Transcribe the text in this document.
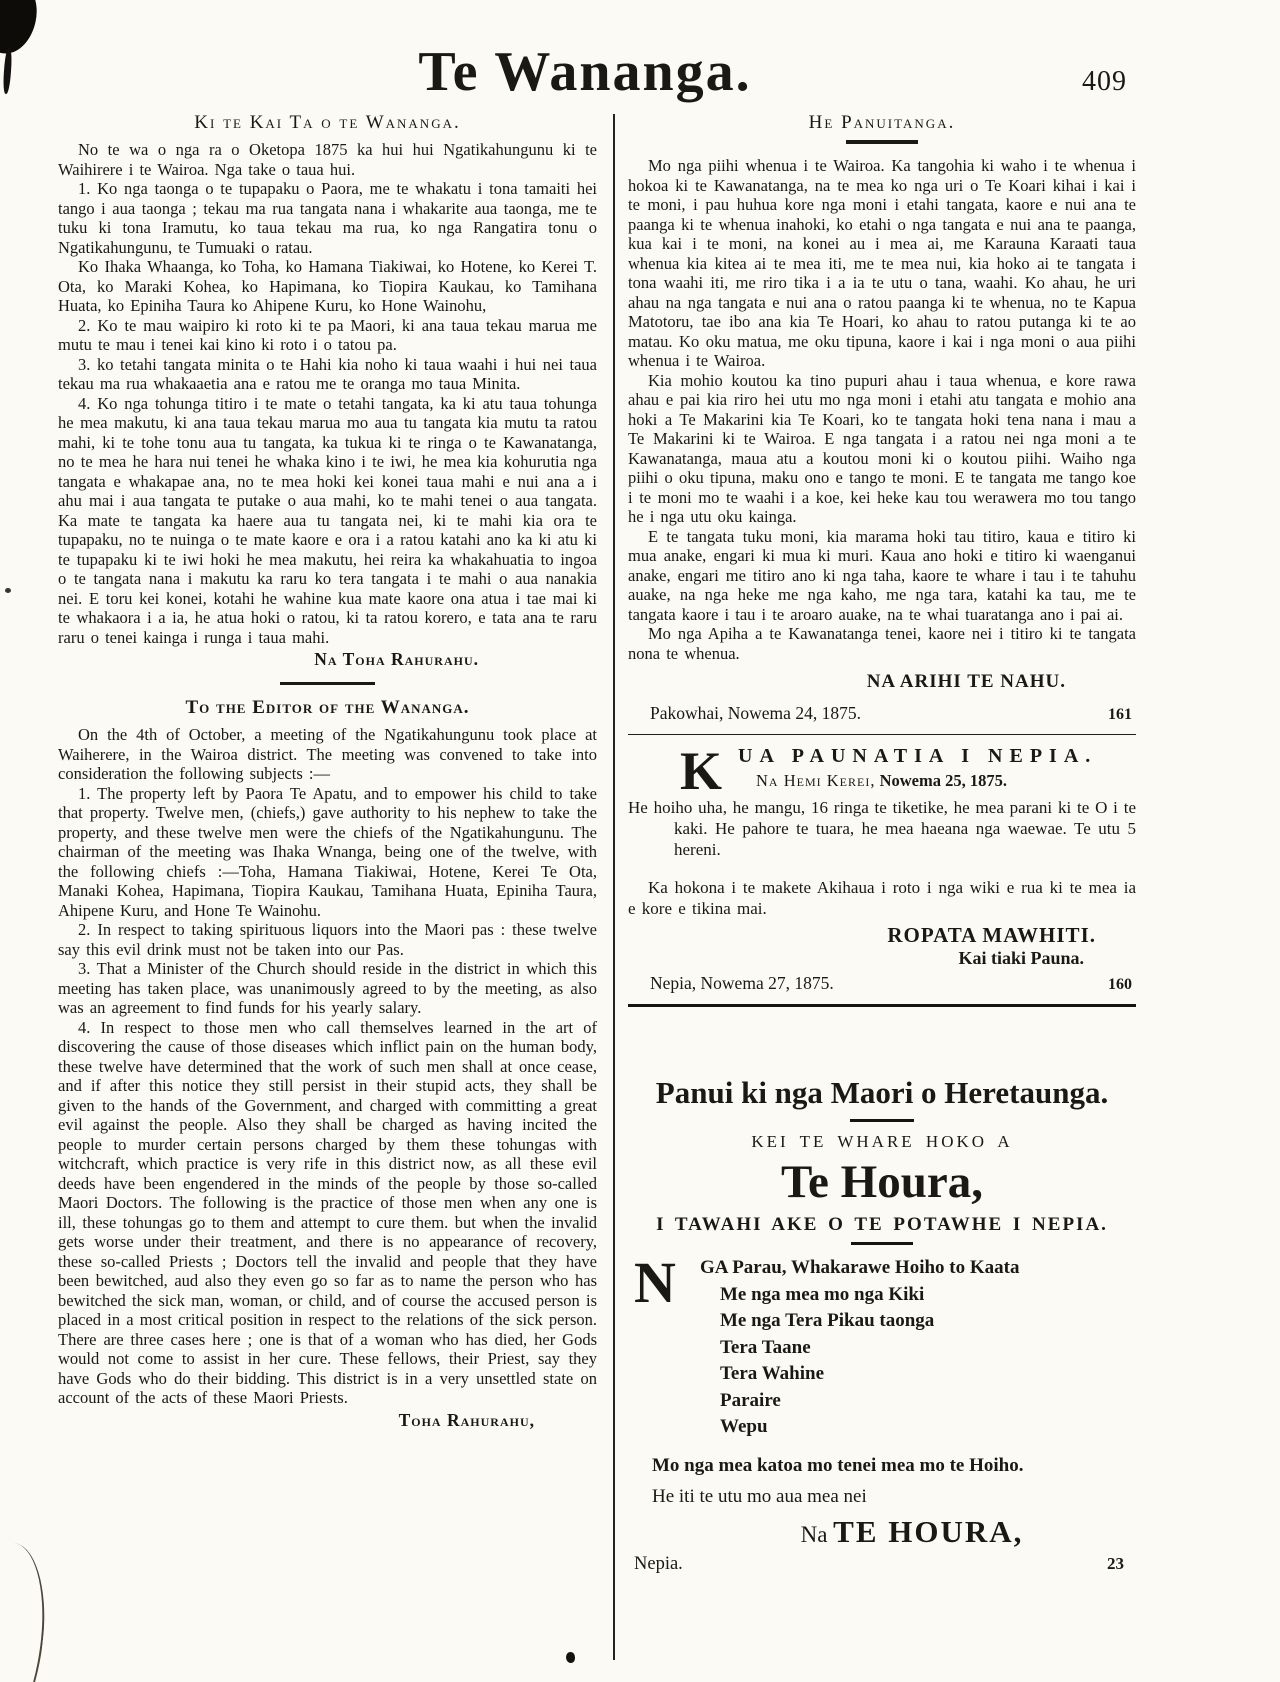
Te Wananga.	409
Ki te Kai Ta o te Wananga.

No te wa o nga ra o Oketopa 1875 ka hui hui Ngatikahungunu ki te Waihirere i te Wairoa. Nga take o taua hui.

1. Ko nga taonga o te tupapaku o Paora, me te whakatu i tona tamaiti hei tango i aua taonga ; tekau ma rua tangata nana i whakarite aua taonga, me te tuku ki tona Iramutu, ko taua tekau ma rua, ko nga Rangatira tonu o Ngatikahungunu, te Tumuaki o ratau.

Ko Ihaka Whaanga, ko Toha, ko Hamana Tiakiwai, ko Hotene, ko Kerei T. Ota, ko Maraki Kohea, ko Hapimana, ko Tiopira Kaukau, ko Tamihana Huata, ko Epiniha Taura ko Ahipene Kuru, ko Hone Wainohu,

2. Ko te mau waipiro ki roto ki te pa Maori, ki ana taua tekau marua me mutu te mau i tenei kai kino ki roto i o tatou pa.

3. ko tetahi tangata minita o te Hahi kia noho ki taua waahi i hui nei taua tekau ma rua whakaaetia ana e ratou me te oranga mo taua Minita.

4. Ko nga tohunga titiro i te mate o tetahi tangata, ka ki atu taua tohunga he mea makutu, ki ana taua tekau marua mo aua tu tangata kia mutu ta ratou mahi, ki te tohe tonu aua tu tangata, ka tukua ki te ringa o te Kawanatanga, no te mea he hara nui tenei he whaka kino i te iwi, he mea kia kohurutia nga tangata e whakapae ana, no te mea hoki kei konei taua mahi e nui ana a i ahu mai i aua tangata te putake o aua mahi, ko te mahi tenei o aua tangata. Ka mate te tangata ka haere aua tu tangata nei, ki te mahi kia ora te tupapaku, no te nuinga o te mate kaore e ora i a ratou katahi ano ka ki atu ki te tupapaku ki te iwi hoki he mea makutu, hei reira ka whakahuatia to ingoa o te tangata nana i makutu ka raru ko tera tangata i te mahi o aua nanakia nei. E toru kei konei, kotahi he wahine kua mate kaore ona atua i tae mai ki te whakaora i a ia, he atua hoki o ratou, ki ta ratou korero, e tata ana te raru raru o tenei kainga i runga i taua mahi.

Na Toha Rahurahu.
To the Editor of the Wananga.

On the 4th of October, a meeting of the Ngatikahungunu took place at Waiherere, in the Wairoa district. The meeting was convened to take into consideration the following subjects :—

1. The property left by Paora Te Apatu, and to empower his child to take that property. Twelve men, (chiefs,) gave authority to his nephew to take the property, and these twelve men were the chiefs of the Ngatikahungunu. The chairman of the meeting was Ihaka Wnanga, being one of the twelve, with the following chiefs :—Toha, Hamana Tiakiwai, Hotene, Kerei Te Ota, Manaki Kohea, Hapimana, Tiopira Kaukau, Tamihana Huata, Epiniha Taura, Ahipene Kuru, and Hone Te Wainohu.

2. In respect to taking spirituous liquors into the Maori pas : these twelve say this evil drink must not be taken into our Pas.

3. That a Minister of the Church should reside in the district in which this meeting has taken place, was unanimously agreed to by the meeting, as also was an agreement to find funds for his yearly salary.

4. In respect to those men who call themselves learned in the art of discovering the cause of those diseases which inflict pain on the human body, these twelve have determined that the work of such men shall at once cease, and if after this notice they still persist in their stupid acts, they shall be given to the hands of the Government, and charged with committing a great evil against the people. Also they shall be charged as having incited the people to murder certain persons charged by them these tohungas with witchcraft, which practice is very rife in this district now, as all these evil deeds have been engendered in the minds of the people by those so-called Maori Doctors. The following is the practice of those men when any one is ill, these tohungas go to them and attempt to cure them. but when the invalid gets worse under their treatment, and there is no appearance of recovery, these so-called Priests ; Doctors tell the invalid and people that they have been bewitched, aud also they even go so far as to name the person who has bewitched the sick man, woman, or child, and of course the accused person is placed in a most critical position in respect to the relations of the sick person. There are three cases here ; one is that of a woman who has died, her Gods would not come to assist in her cure. These fellows, their Priest, say they have Gods who do their bidding. This district is in a very unsettled state on account of the acts of these Maori Priests.

Toha Rahurahu,
He Panuitanga.

Mo nga piihi whenua i te Wairoa. Ka tangohia ki waho i te whenua i hokoa ki te Kawanatanga, na te mea ko nga uri o Te Koari kihai i kai i te moni, i pau huhua kore nga moni i etahi tangata, kaore e nui ana te paanga ki te whenua inahoki, ko etahi o nga tangata e nui ana te paanga, kua kai i te moni, na konei au i mea ai, me Karauna Karaati taua whenua kia kitea ai te mea iti, me te mea nui, kia hoko ai te tangata i tona waahi iti, me riro tika i a ia te utu o tana, waahi. Ko ahau, he uri ahau na nga tangata e nui ana o ratou paanga ki te whenua, no te Kapua Matotoru, tae ibo ana kia Te Hoari, ko ahau to ratou putanga ki te ao matau. Ko oku matua, me oku tipuna, kaore i kai i nga moni o aua piihi whenua i te Wairoa.

Kia mohio koutou ka tino pupuri ahau i taua whenua, e kore rawa ahau e pai kia riro hei utu mo nga moni i etahi atu tangata e mohio ana hoki a Te Makarini kia Te Koari, ko te tangata hoki tena nana i mau a Te Makarini ki te Wairoa. E nga tangata i a ratou nei nga moni a te Kawanatanga, maua atu a koutou moni ki o koutou piihi. Waiho nga piihi o oku tipuna, maku ono e tango te moni. E te tangata me tango koe i te moni mo te waahi i a koe, kei heke kau tou werawera mo tou tango he i nga utu oku kainga.

E te tangata tuku moni, kia marama hoki tau titiro, kaua e titiro ki mua anake, engari ki mua ki muri. Kaua ano hoki e titiro ki waenganui anake, engari me titiro ano ki nga taha, kaore te whare i tau i te tahuhu auake, na nga heke me nga kaho, me nga tara, katahi ka tau, me te tangata kaore i tau i te aroaro auake, na te whai tuaratanga ano i pai ai.

Mo nga Apiha a te Kawanatanga tenei, kaore nei i titiro ki te tangata nona te whenua.

NA ARIHI TE NAHU.
Pakowhai, Nowema 24, 1875.	161
K UA PAUNATIA I NEPIA.
Na Hemi Kerei, Nowema 25, 1875.

He hoiho uha, he mangu, 16 ringa te tiketike, he mea parani ki te O i te kaki. He pahore te tuara, he mea haeana nga waewae. Te utu 5 hereni.

Ka hokona i te makete Akihaua i roto i nga wiki e rua ki te mea ia e kore e tikina mai.

ROPATA MAWHITI.
Kai tiaki Pauna.
Nepia, Nowema 27, 1875.	160
Panui ki nga Maori o Heretaunga.
KEI TE WHARE HOKO A
Te Houra,
I TAWAHI AKE O TE POTAWHE I NEPIA.
N	GA Parau, Whakarawe Hoiho to Kaata
Me nga mea mo nga Kiki
Me nga Tera Pikau taonga
Tera Taane
Tera Wahine
Paraire
Wepu

Mo nga mea katoa mo tenei mea mo te Hoiho.

He iti te utu mo aua mea nei

Na TE HOURA,
Nepia.	23
